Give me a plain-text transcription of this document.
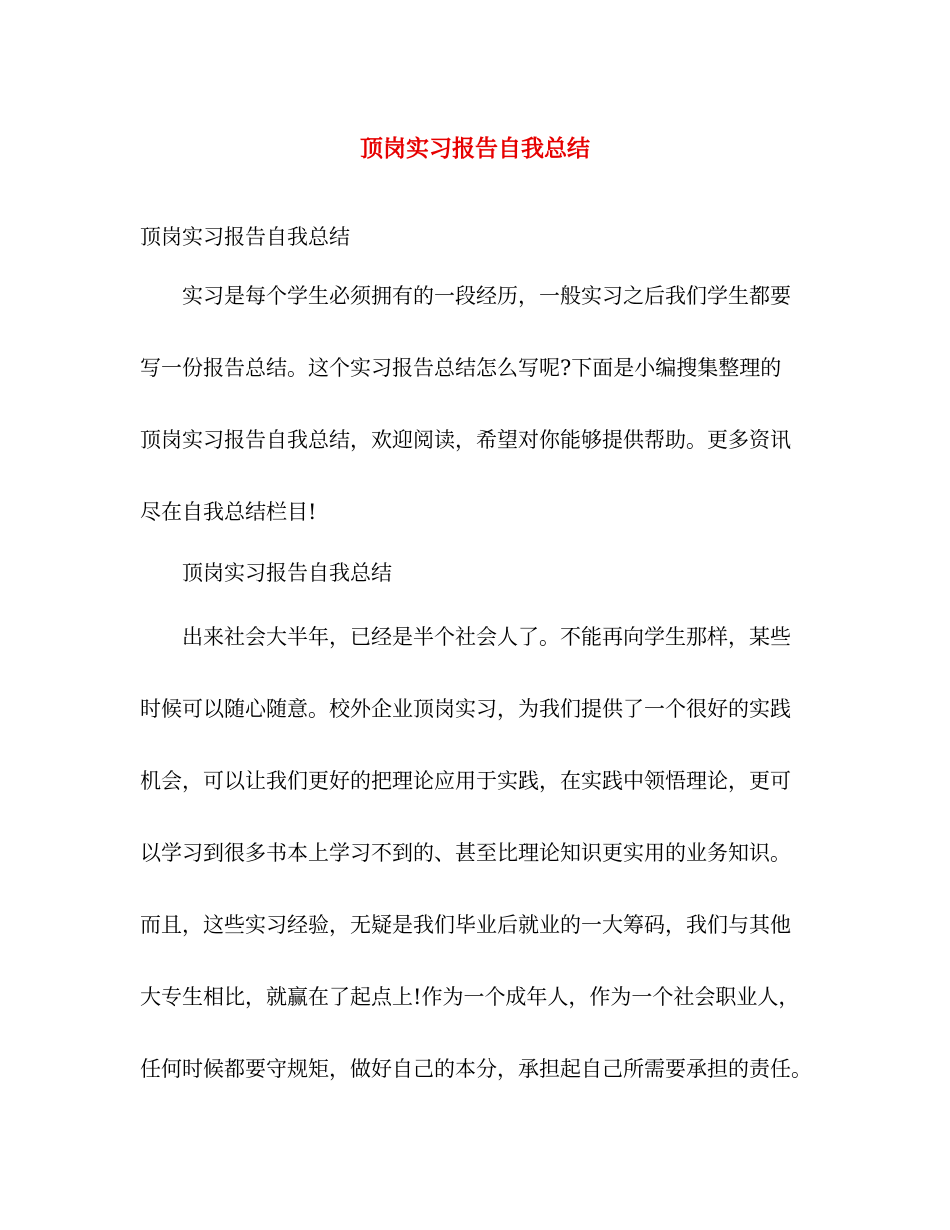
顶岗实习报告自我总结

顶岗实习报告自我总结

实习是每个学生必须拥有的一段经历，一般实习之后我们学生都要

写一份报告总结。这个实习报告总结怎么写呢?下面是小编搜集整理的

顶岗实习报告自我总结，欢迎阅读，希望对你能够提供帮助。更多资讯

尽在自我总结栏目!

顶岗实习报告自我总结

出来社会大半年，已经是半个社会人了。不能再向学生那样，某些

时候可以随心随意。校外企业顶岗实习，为我们提供了一个很好的实践

机会，可以让我们更好的把理论应用于实践，在实践中领悟理论，更可

以学习到很多书本上学习不到的、甚至比理论知识更实用的业务知识。

而且，这些实习经验，无疑是我们毕业后就业的一大筹码，我们与其他

大专生相比，就赢在了起点上!作为一个成年人，作为一个社会职业人，

任何时候都要守规矩，做好自己的本分，承担起自己所需要承担的责任。
